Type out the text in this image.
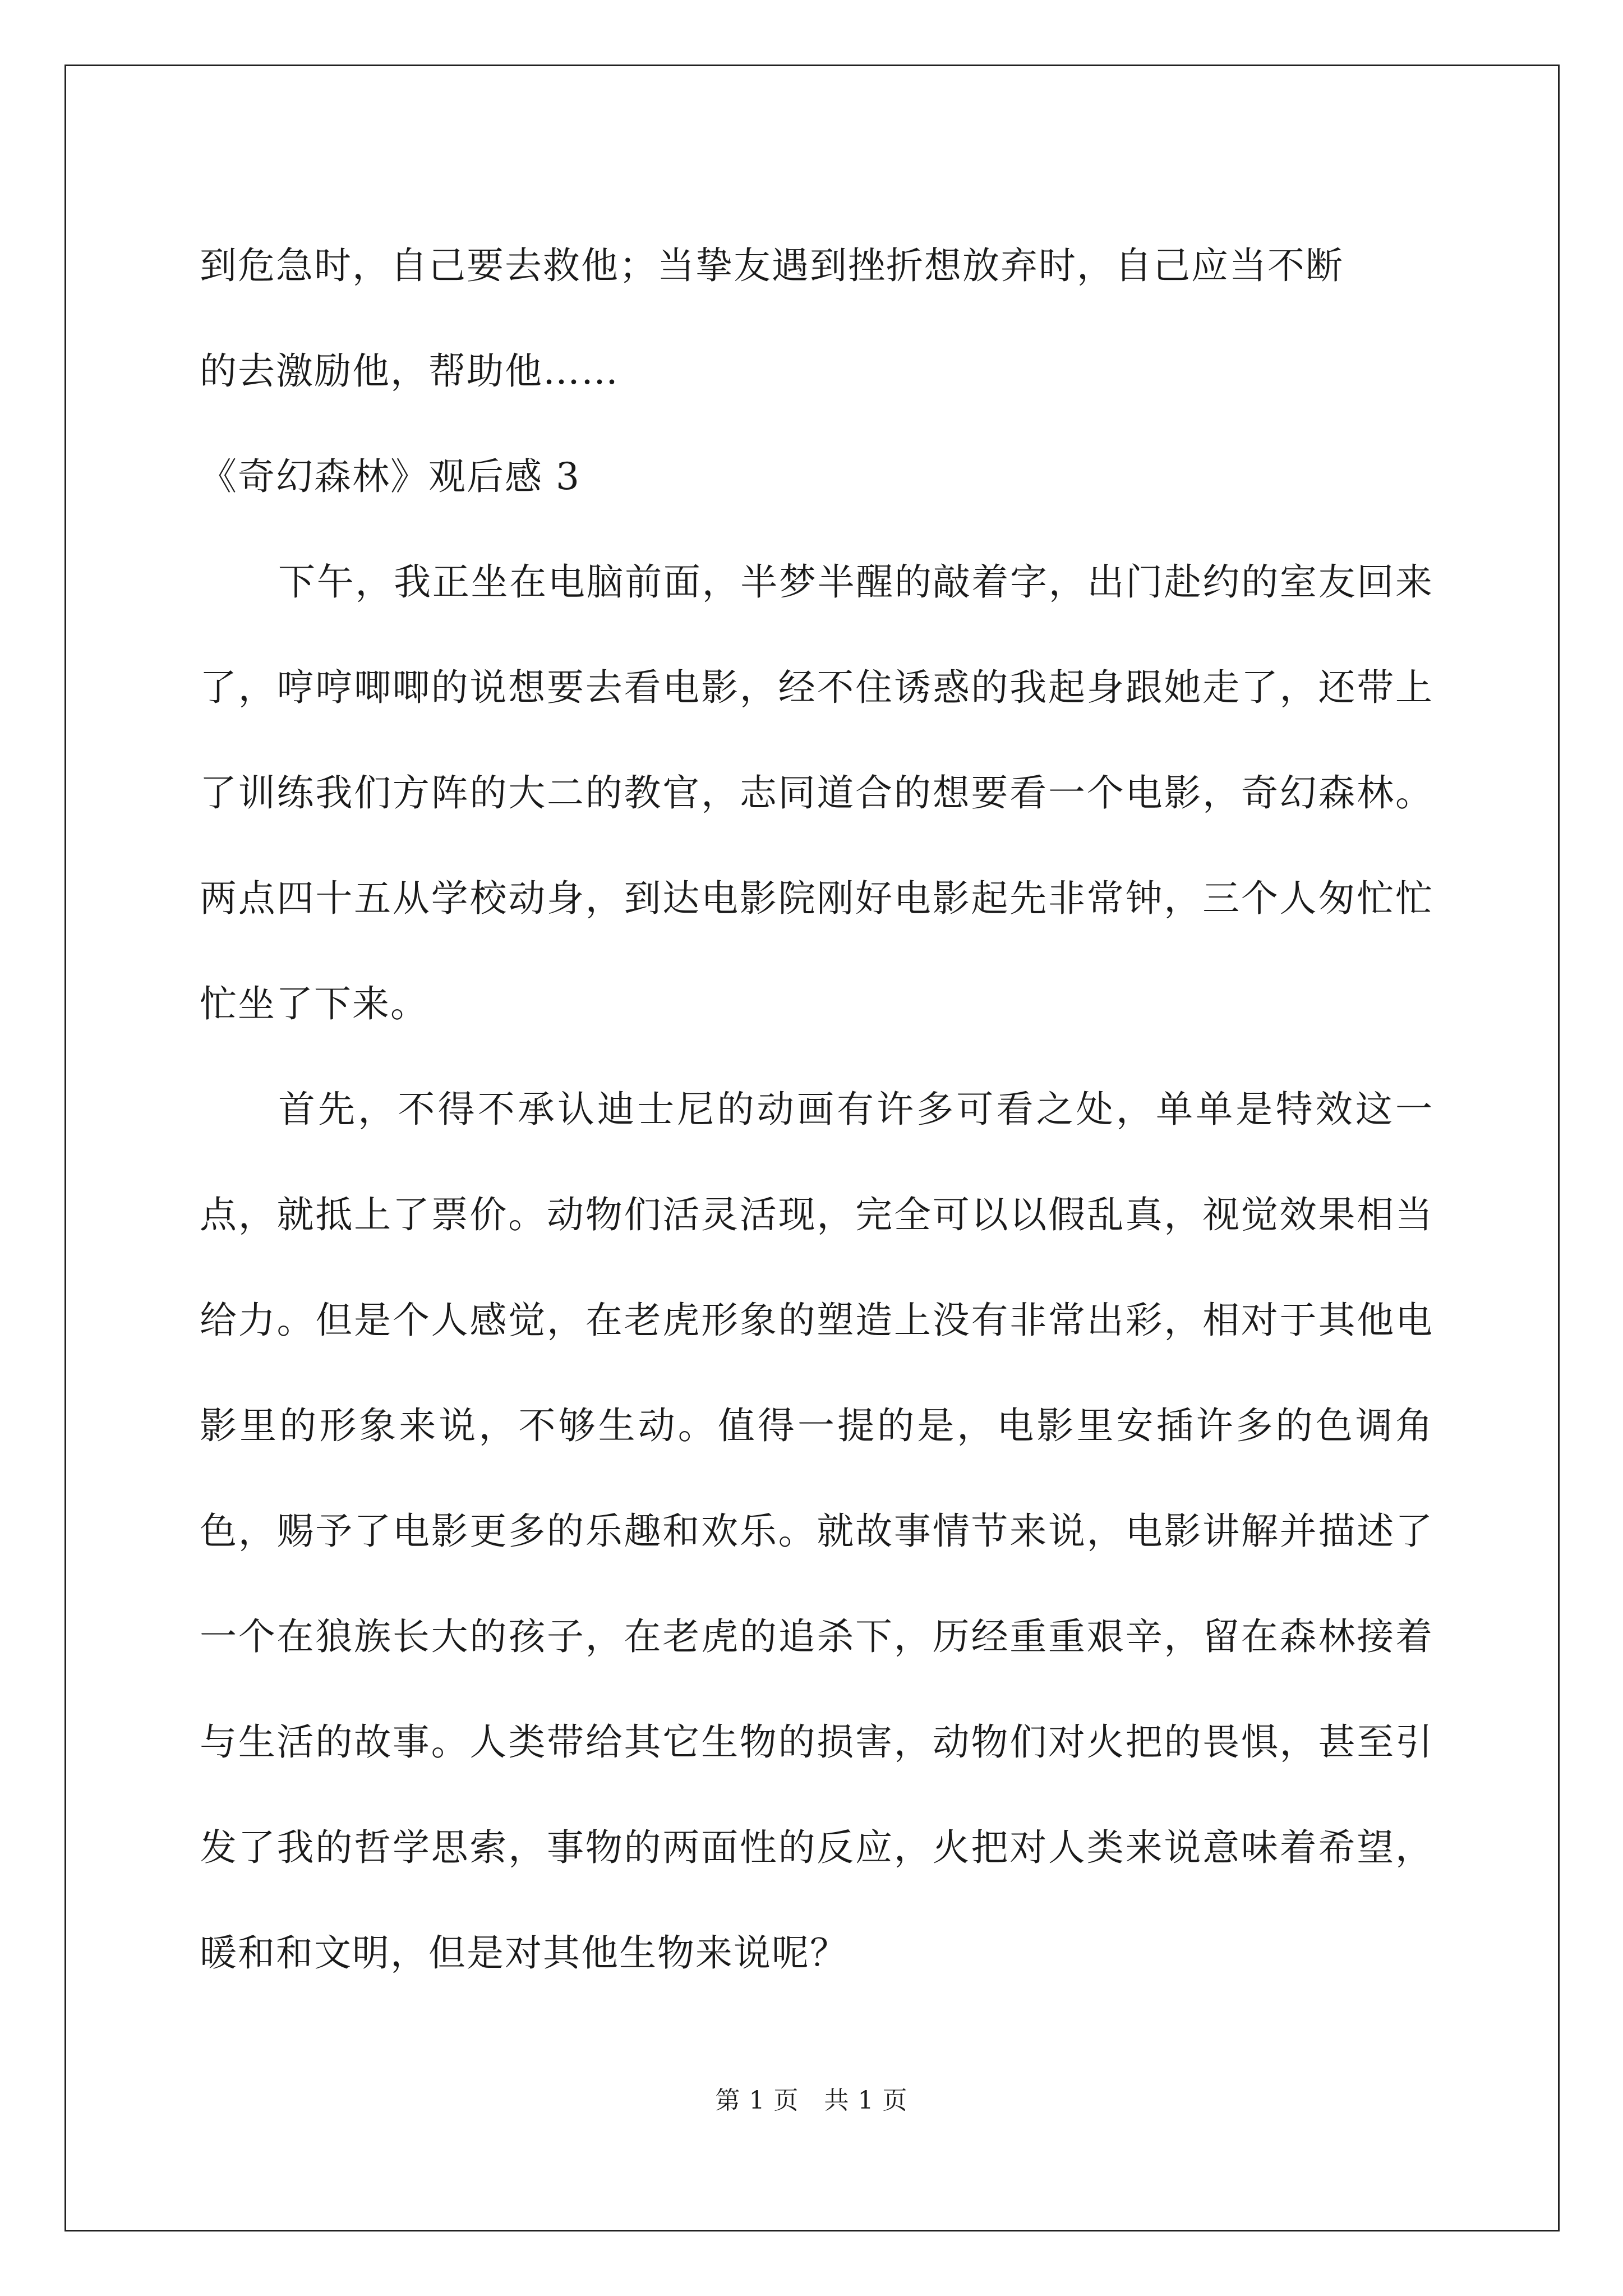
到危急时，自己要去救他；当挚友遇到挫折想放弃时，自己应当不断

的去激励他，帮助他……

《奇幻森林》观后感 3

下午，我正坐在电脑前面，半梦半醒的敲着字，出门赴约的室友回来了，哼哼唧唧的说想要去看电影，经不住诱惑的我起身跟她走了，还带上了训练我们方阵的大二的教官，志同道合的想要看一个电影，奇幻森林。两点四十五从学校动身，到达电影院刚好电影起先非常钟，三个人匆忙忙忙坐了下来。

首先，不得不承认迪士尼的动画有许多可看之处，单单是特效这一点，就抵上了票价。动物们活灵活现，完全可以以假乱真，视觉效果相当给力。但是个人感觉，在老虎形象的塑造上没有非常出彩，相对于其他电影里的形象来说，不够生动。值得一提的是，电影里安插许多的色调角色，赐予了电影更多的乐趣和欢乐。就故事情节来说，电影讲解并描述了一个在狼族长大的孩子，在老虎的追杀下，历经重重艰辛，留在森林接着与生活的故事。人类带给其它生物的损害，动物们对火把的畏惧，甚至引发了我的哲学思索，事物的两面性的反应，火把对人类来说意味着希望，暖和和文明，但是对其他生物来说呢？

第 1 页　共 1 页
